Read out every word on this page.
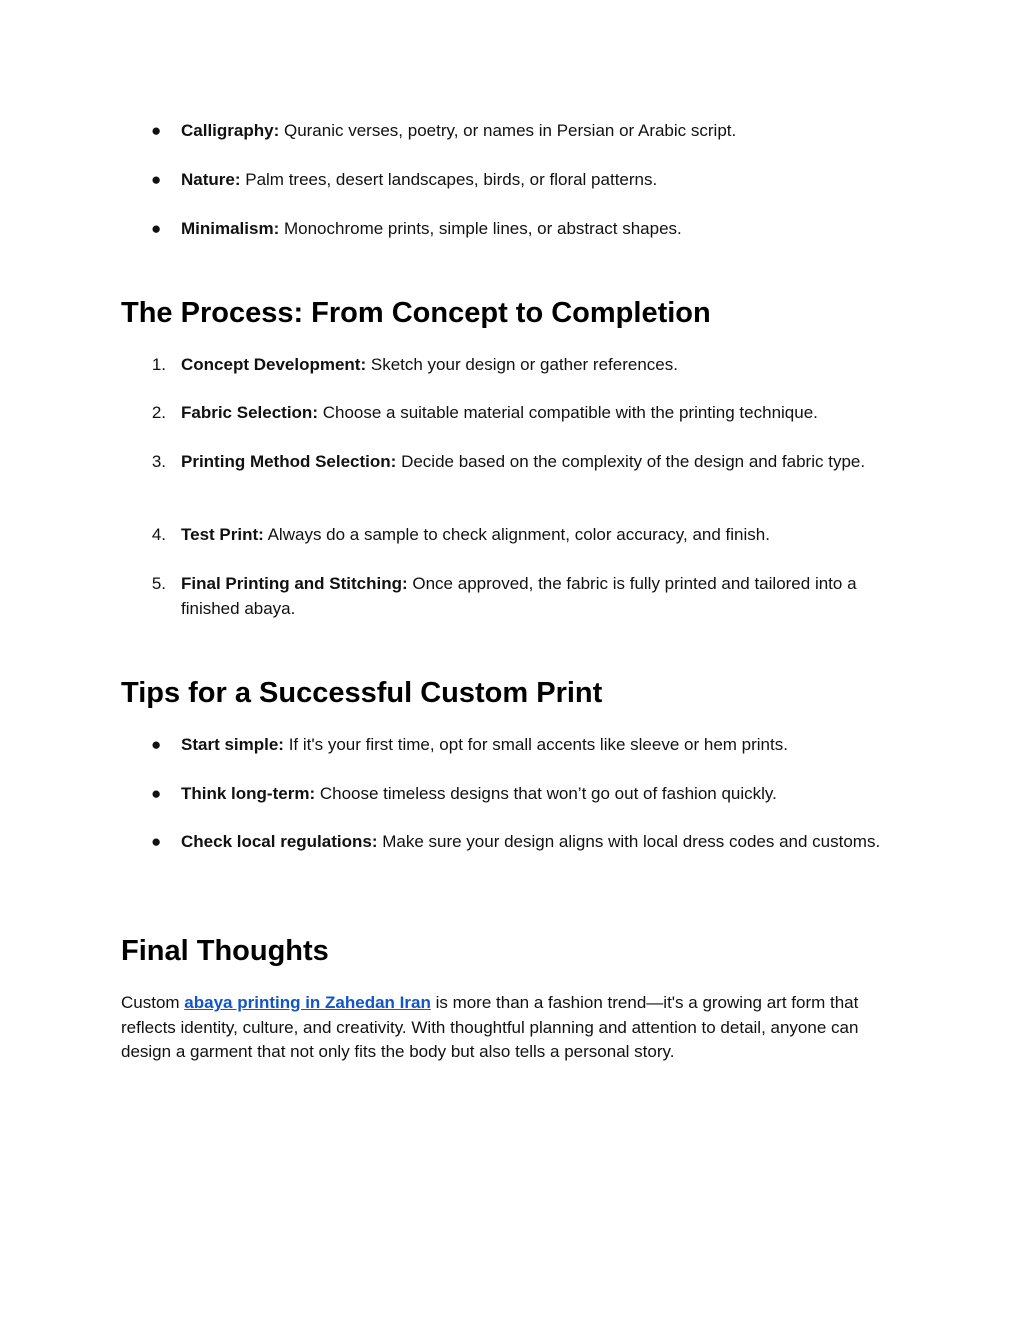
●	Calligraphy: Quranic verses, poetry, or names in Persian or Arabic script.
●	Nature: Palm trees, desert landscapes, birds, or floral patterns.
●	Minimalism: Monochrome prints, simple lines, or abstract shapes.
The Process: From Concept to Completion
1. Concept Development: Sketch your design or gather references.
2. Fabric Selection: Choose a suitable material compatible with the printing technique.
3. Printing Method Selection: Decide based on the complexity of the design and fabric type.
4. Test Print: Always do a sample to check alignment, color accuracy, and finish.
5. Final Printing and Stitching: Once approved, the fabric is fully printed and tailored into a finished abaya.
Tips for a Successful Custom Print
●	Start simple: If it's your first time, opt for small accents like sleeve or hem prints.
●	Think long-term: Choose timeless designs that won’t go out of fashion quickly.
●	Check local regulations: Make sure your design aligns with local dress codes and customs.
Final Thoughts

Custom abaya printing in Zahedan Iran is more than a fashion trend—it's a growing art form that reflects identity, culture, and creativity. With thoughtful planning and attention to detail, anyone can design a garment that not only fits the body but also tells a personal story.
